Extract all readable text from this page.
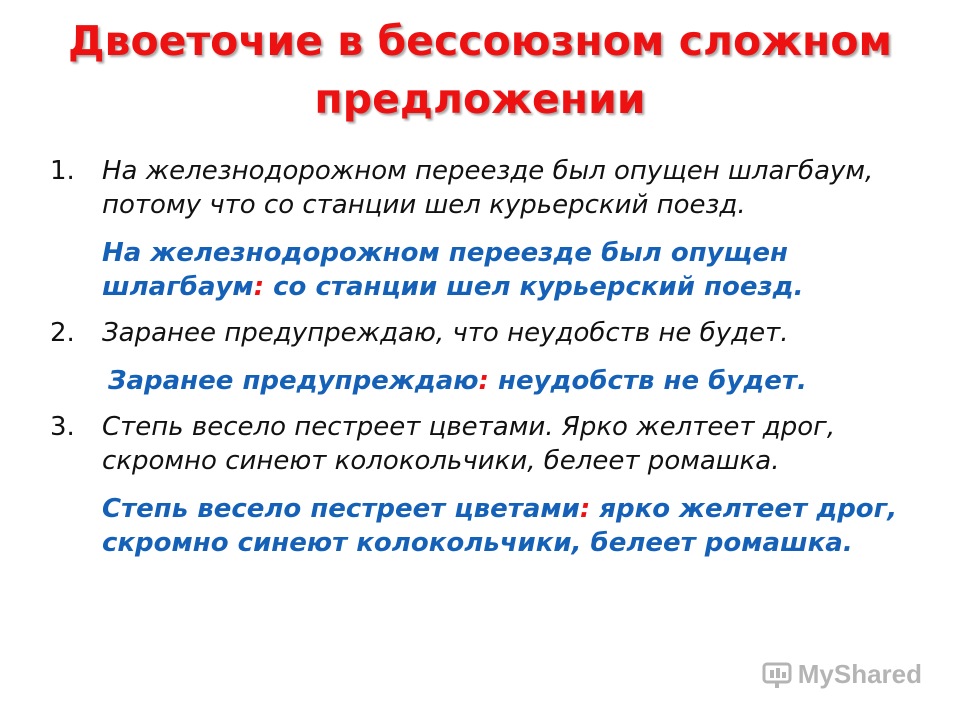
Двоеточие в бессоюзном сложном
предложении
1 .	На железнодорожном переезде был опущен шлагбаум, потому что со станции шел курьерский поезд.
На железнодорожном переезде был опущен шлагбаум: со станции шел курьерский поезд.
2 .	Заранее предупреждаю, что неудобств не будет.
Заранее предупреждаю: неудобств не будет.
3 .	Степь весело пестреет цветами. Ярко желтеет дрог, скромно синеют колокольчики, белеет ромашка.
Степь весело пестреет цветами: ярко желтеет дрог, скромно синеют колокольчики, белеет ромашка.
MyShared
